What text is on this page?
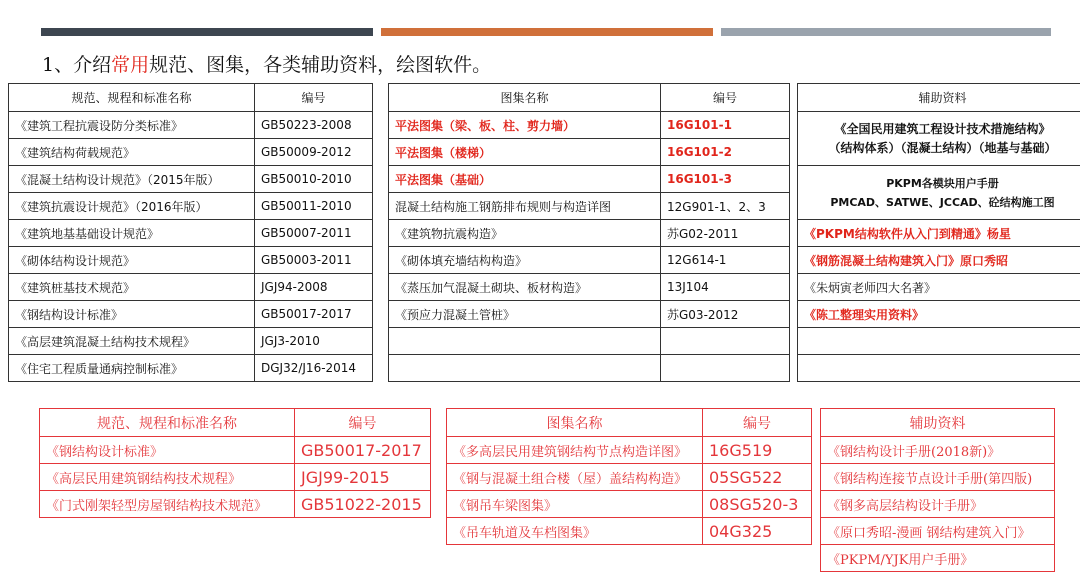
1、介绍常用规范、图集，各类辅助资料，绘图软件。
规范、规程和标准名称	编号
《建筑工程抗震设防分类标准》	GB50223-2008
《建筑结构荷载规范》	GB50009-2012
《混凝土结构设计规范》（2015年版）	GB50010-2010
《建筑抗震设计规范》（2016年版）	GB50011-2010
《建筑地基基础设计规范》	GB50007-2011
《砌体结构设计规范》	GB50003-2011
《建筑桩基技术规范》	JGJ94-2008
《钢结构设计标准》	GB50017-2017
《高层建筑混凝土结构技术规程》	JGJ3-2010
《住宅工程质量通病控制标准》	DGJ32/J16-2014
图集名称	编号
平法图集（梁、板、柱、剪力墙）	16G101-1
平法图集（楼梯）	16G101-2
平法图集（基础）	16G101-3
混凝土结构施工钢筋排布规则与构造详图	12G901-1、2、3
《建筑物抗震构造》	苏G02-2011
《砌体填充墙结构构造》	12G614-1
《蒸压加气混凝土砌块、板材构造》	13J104
《预应力混凝土管桩》	苏G03-2012

辅助资料

《全国民用建筑工程设计技术措施结构》
（结构体系）（混凝土结构）（地基与基础）

PKPM各模块用户手册
PMCAD、SATWE、JCCAD、砼结构施工图

《PKPM结构软件从入门到精通》杨星
《钢筋混凝土结构建筑入门》原口秀昭
《朱炳寅老师四大名著》
《陈工整理实用资料》

规范、规程和标准名称	编号
《钢结构设计标准》	GB50017-2017
《高层民用建筑钢结构技术规程》	JGJ99-2015
《门式刚架轻型房屋钢结构技术规范》	GB51022-2015
图集名称	编号
《多高层民用建筑钢结构节点构造详图》	16G519
《钢与混凝土组合楼（屋）盖结构构造》	05SG522
《钢吊车梁图集》	08SG520-3
《吊车轨道及车档图集》	04G325
辅助资料
《钢结构设计手册(2018新)》
《钢结构连接节点设计手册(第四版)
《钢多高层结构设计手册》
《原口秀昭-漫画 钢结构建筑入门》
《PKPM/YJK用户手册》
